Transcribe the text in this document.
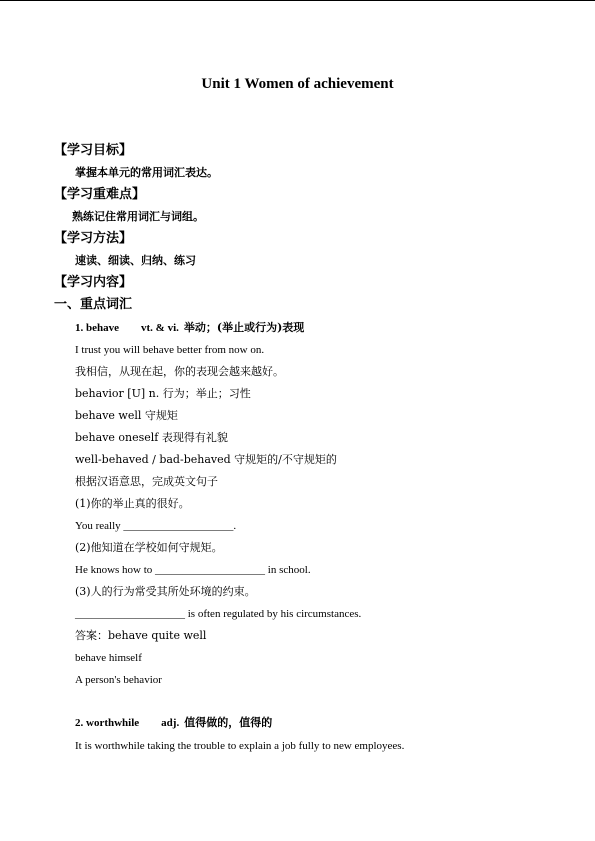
Unit 1 Women of achievement
【学习目标】
掌握本单元的常用词汇表达。
【学习重难点】
熟练记住常用词汇与词组。
【学习方法】
速读、细读、归纳、练习
【学习内容】
一、重点词汇
1. behave vt. & vi. 举动；(举止或行为)表现
I trust you will behave better from now on.
我相信，从现在起，你的表现会越来越好。
behavior [U] n. 行为；举止；习性
behave well 守规矩
behave oneself 表现得有礼貌
well-behaved / bad-behaved 守规矩的/不守规矩的
根据汉语意思，完成英文句子
(1)你的举止真的很好。
You really ____________________.
(2)他知道在学校如何守规矩。
He knows how to ____________________ in school.
(3)人的行为常受其所处环境的约束。
____________________ is often regulated by his circumstances.
答案：behave quite well
behave himself
A person's behavior
2. worthwhile adj. 值得做的，值得的
It is worthwhile taking the trouble to explain a job fully to new employees.
